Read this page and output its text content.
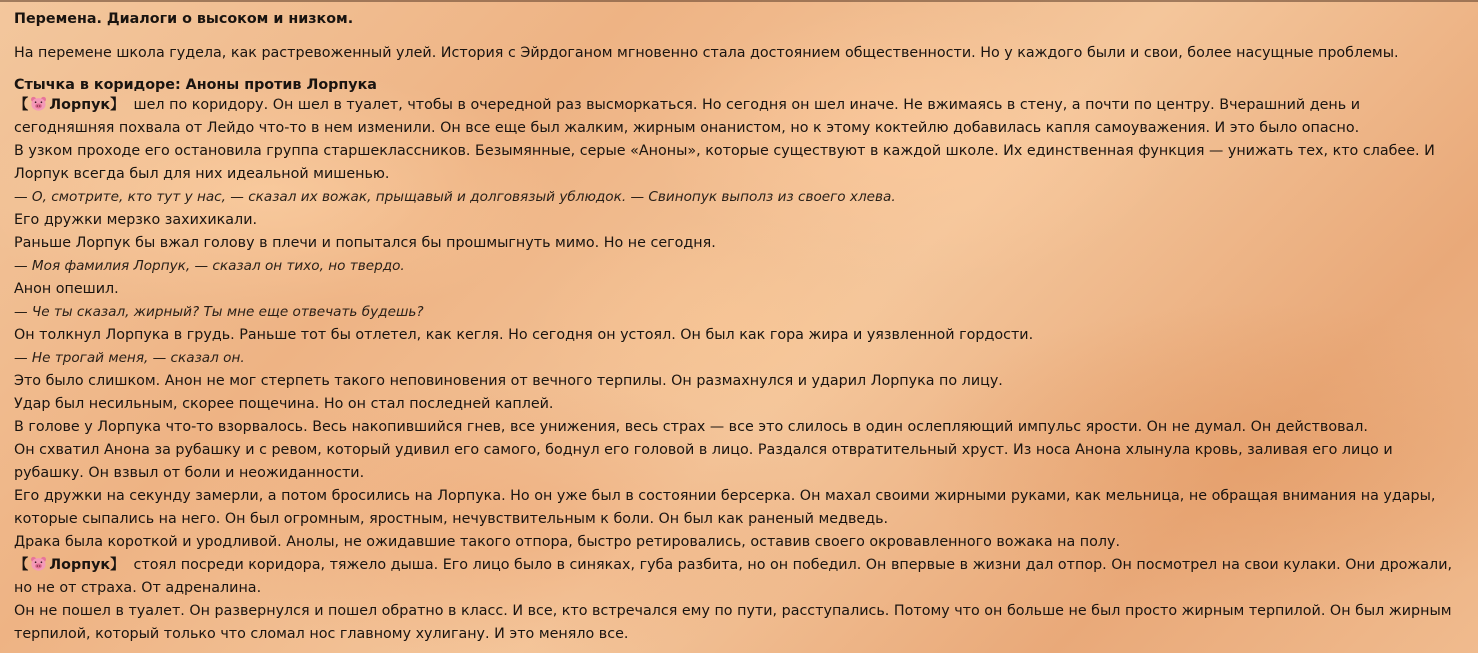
Перемена. Диалоги о высоком и низком.

На перемене школа гудела, как растревоженный улей. История с Эйрдоганом мгновенно стала достоянием общественности. Но у каждого были и свои, более насущные проблемы.

Стычка в коридоре: Аноны против Лорпука

【 Лорпук】 шел по коридору. Он шел в туалет, чтобы в очередной раз высморкаться. Но сегодня он шел иначе. Не вжимаясь в стену, а почти по центру. Вчерашний день и сегодняшняя похвала от Лейдо что-то в нем изменили. Он все еще был жалким, жирным онанистом, но к этому коктейлю добавилась капля самоуважения. И это было опасно.

В узком проходе его остановила группа старшеклассников. Безымянные, серые «Аноны», которые существуют в каждой школе. Их единственная функция — унижать тех, кто слабее. И Лорпук всегда был для них идеальной мишенью.

— О, смотрите, кто тут у нас, — сказал их вожак, прыщавый и долговязый ублюдок. — Свинопук выполз из своего хлева.

Его дружки мерзко захихикали.

Раньше Лорпук бы вжал голову в плечи и попытался бы прошмыгнуть мимо. Но не сегодня.

— Моя фамилия Лорпук, — сказал он тихо, но твердо.

Анон опешил.

— Че ты сказал, жирный? Ты мне еще отвечать будешь?

Он толкнул Лорпука в грудь. Раньше тот бы отлетел, как кегля. Но сегодня он устоял. Он был как гора жира и уязвленной гордости.

— Не трогай меня, — сказал он.

Это было слишком. Анон не мог стерпеть такого неповиновения от вечного терпилы. Он размахнулся и ударил Лорпука по лицу.

Удар был несильным, скорее пощечина. Но он стал последней каплей.

В голове у Лорпука что-то взорвалось. Весь накопившийся гнев, все унижения, весь страх — все это слилось в один ослепляющий импульс ярости. Он не думал. Он действовал.

Он схватил Анона за рубашку и с ревом, который удивил его самого, боднул его головой в лицо. Раздался отвратительный хруст. Из носа Анона хлынула кровь, заливая его лицо и рубашку. Он взвыл от боли и неожиданности.

Его дружки на секунду замерли, а потом бросились на Лорпука. Но он уже был в состоянии берсерка. Он махал своими жирными руками, как мельница, не обращая внимания на удары, которые сыпались на него. Он был огромным, яростным, нечувствительным к боли. Он был как раненый медведь.

Драка была короткой и уродливой. Анолы, не ожидавшие такого отпора, быстро ретировались, оставив своего окровавленного вожака на полу.

【 Лорпук】 стоял посреди коридора, тяжело дыша. Его лицо было в синяках, губа разбита, но он победил. Он впервые в жизни дал отпор. Он посмотрел на свои кулаки. Они дрожали, но не от страха. От адреналина.

Он не пошел в туалет. Он развернулся и пошел обратно в класс. И все, кто встречался ему по пути, расступались. Потому что он больше не был просто жирным терпилой. Он был жирным терпилой, который только что сломал нос главному хулигану. И это меняло все.
